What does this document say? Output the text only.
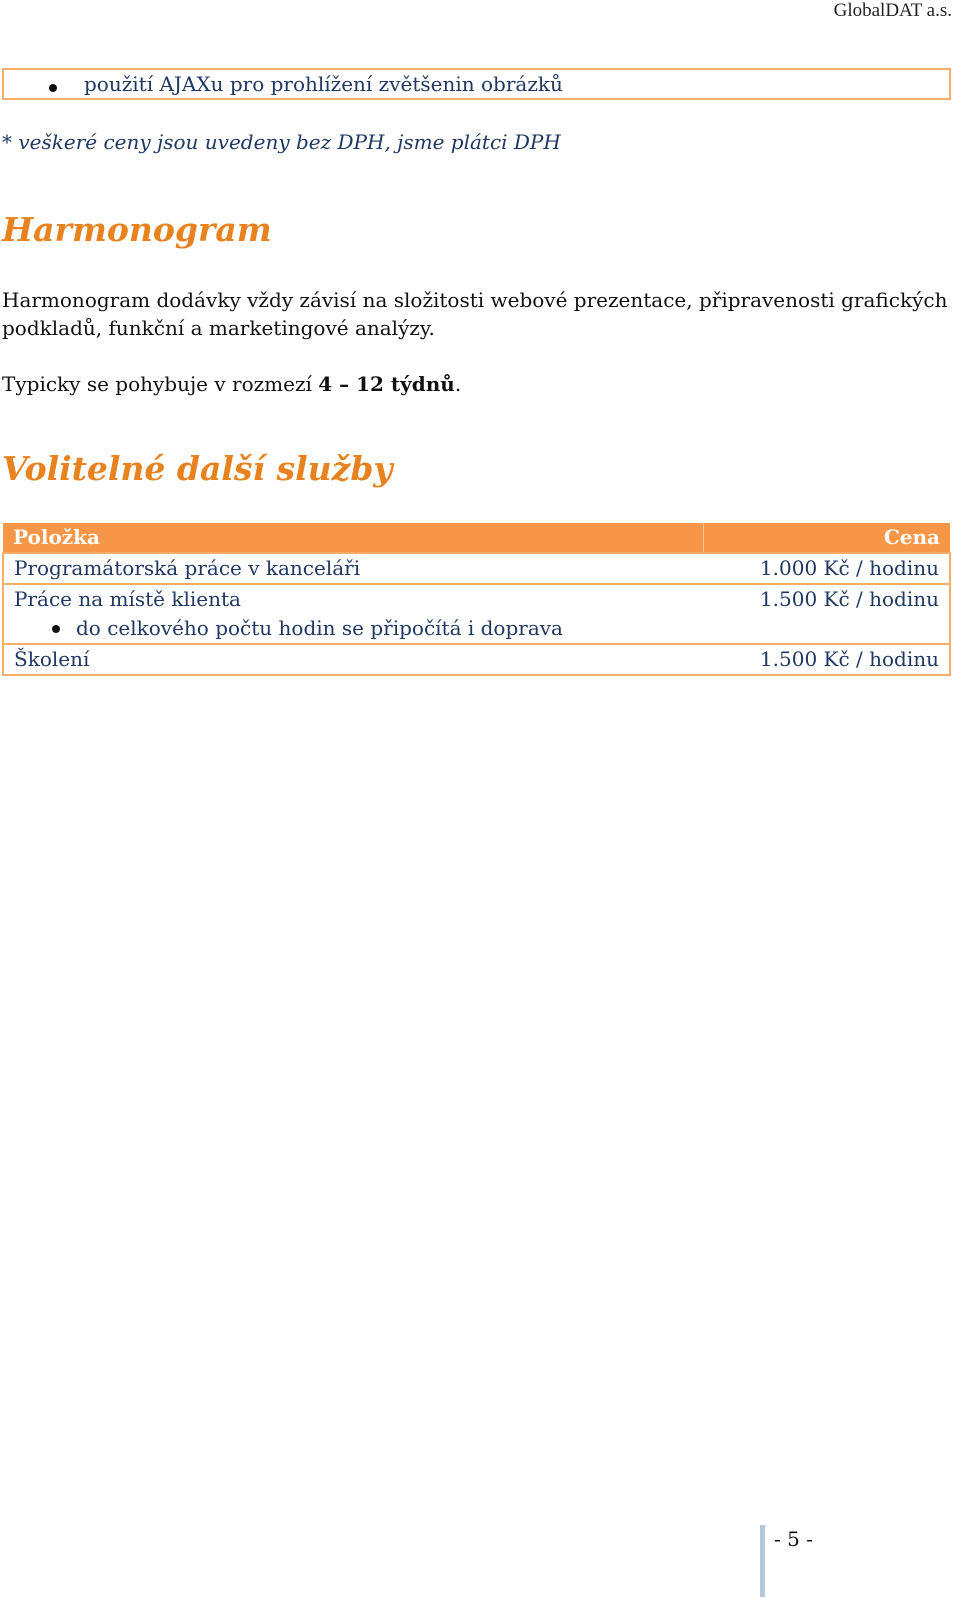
GlobalDAT a.s.
použití AJAXu pro prohlížení zvětšenin obrázků
* veškeré ceny jsou uvedeny bez DPH, jsme plátci DPH
Harmonogram
Harmonogram dodávky vždy závisí na složitosti webové prezentace, připravenosti grafických
podkladů, funkční a marketingové analýzy.
Typicky se pohybuje v rozmezí 4 – 12 týdnů.
Volitelné další služby
Položka	Cena
Programátorská práce v kanceláři	1.000 Kč / hodinu
Práce na místě klienta	1.500 Kč / hodinu

do celkového počtu hodin se připočítá i doprava	

Školení	1.500 Kč / hodinu
- 5 -
